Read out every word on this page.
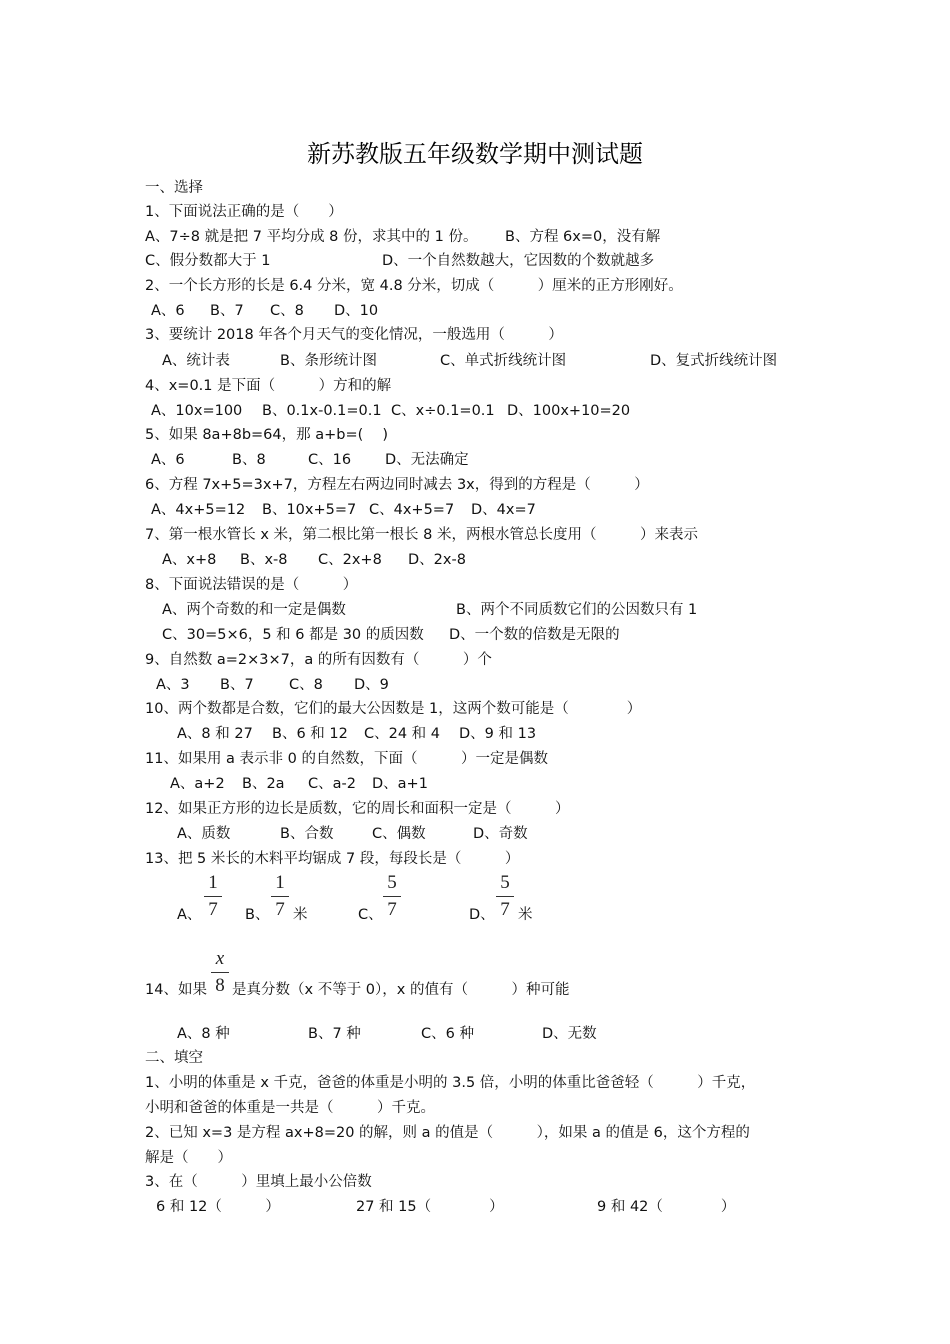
新苏教版五年级数学期中测试题
一、选择
1、下面说法正确的是（　　）
A、7÷8 就是把 7 平均分成 8 份，求其中的 1 份。 B、方程 6x=0，没有解
C、假分数都大于 1	D、一个自然数越大，它因数的个数就越多
2、一个长方形的长是 6.4 分米，宽 4.8 分米，切成（　　　）厘米的正方形刚好。
A、6 B、7 C、8 D、10
3、要统计 2018 年各个月天气的变化情况，一般选用（　　　）
A、统计表	B、条形统计图	C、单式折线统计图	D、复式折线统计图
4、x=0.1 是下面（　　　）方和的解
A、10x=100 B、0.1x-0.1=0.1 C、x÷0.1=0.1 D、100x+10=20
5、如果 8a+8b=64，那 a+b=(　 )
A、6	B、8	C、16 D、无法确定
6、方程 7x+5=3x+7，方程左右两边同时减去 3x，得到的方程是（　　　）
A、4x+5=12 B、10x+5=7 C、4x+5=7 D、4x=7
7、第一根水管长 x 米，第二根比第一根长 8 米，两根水管总长度用（　　　）来表示
A、x+8 B、x-8 C、2x+8 D、2x-8
8、下面说法错误的是（　　　）
A、两个奇数的和一定是偶数	B、两个不同质数它们的公因数只有 1
C、30=5×6，5 和 6 都是 30 的质因数 D、一个数的倍数是无限的
9、自然数 a=2×3×7，a 的所有因数有（　　　）个
A、3 B、7 C、8 D、9
10、两个数都是合数，它们的最大公因数是 1，这两个数可能是（　　　　）
A、8 和 27 B、6 和 12 C、24 和 4 D、9 和 13
11、如果用 a 表示非 0 的自然数，下面（　　　）一定是偶数
A、a+2 B、2a C、a-2 D、a+1
12、如果正方形的边长是质数，它的周长和面积一定是（　　　）
A、质数	B、合数	C、偶数	D、奇数
13、把 5 米长的木料平均锯成 7 段，每段长是（　　　）
A、
1
7	B、
1
7 米	C、
5
7	D、
5
7 米
14、如果
x
8 是真分数（x 不等于 0），x 的值有（　　　）种可能
A、8 种	B、7 种	C、6 种	D、无数
二、填空
1、小明的体重是 x 千克，爸爸的体重是小明的 3.5 倍，小明的体重比爸爸轻（　　　）千克，
小明和爸爸的体重是一共是（　　　）千克。
2、已知 x=3 是方程 ax+8=20 的解，则 a 的值是（　　　），如果 a 的值是 6，这个方程的
解是（　　）
3、在（　　　）里填上最小公倍数
6 和 12（　　　）	27 和 15（　　　　）	9 和 42（　　　　）
